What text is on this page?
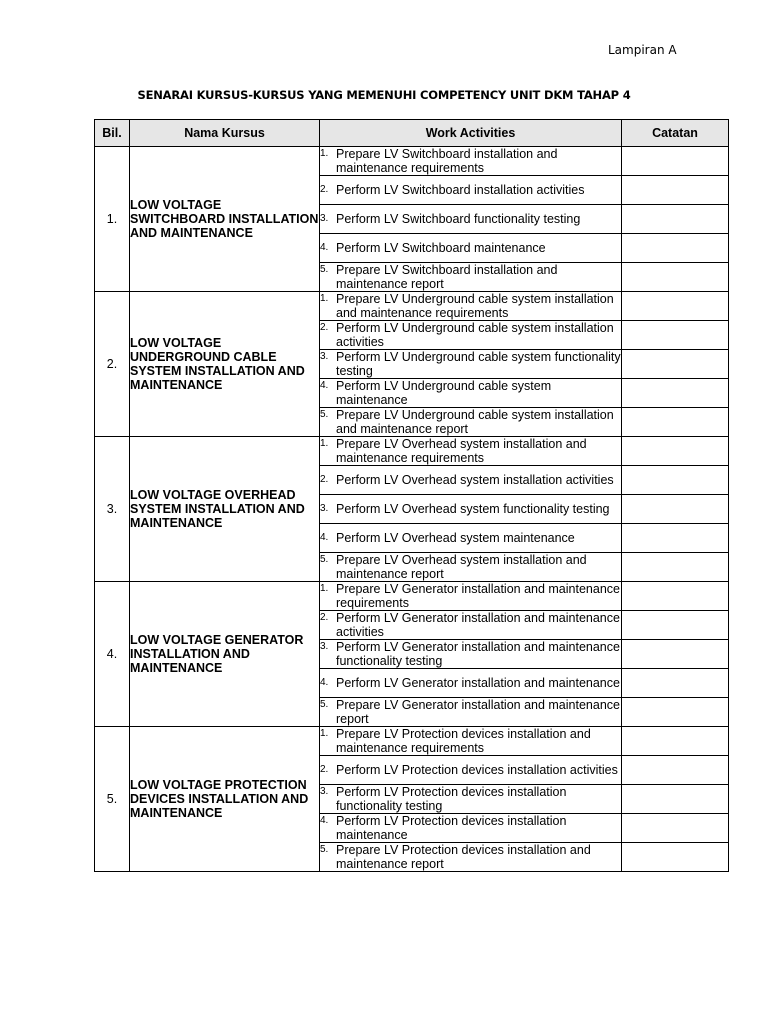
Lampiran A
SENARAI KURSUS-KURSUS YANG MEMENUHI COMPETENCY UNIT DKM TAHAP 4
Bil.	Nama Kursus	Work Activities	Catatan
1.	LOW VOLTAGE SWITCHBOARD INSTALLATION AND MAINTENANCE	1. Prepare LV Switchboard installation and maintenance requirements	

		2. Perform LV Switchboard installation activities	

		3. Perform LV Switchboard functionality testing	

		4. Perform LV Switchboard maintenance	

		5. Prepare LV Switchboard installation and maintenance report	

2.	LOW VOLTAGE UNDERGROUND CABLE SYSTEM INSTALLATION AND MAINTENANCE	1. Prepare LV Underground cable system installation and maintenance requirements	

		2. Perform LV Underground cable system installation activities	

		3. Perform LV Underground cable system functionality testing	

		4. Perform LV Underground cable system maintenance	

		5. Prepare LV Underground cable system installation and maintenance report	

3.	LOW VOLTAGE OVERHEAD SYSTEM INSTALLATION AND MAINTENANCE	1. Prepare LV Overhead system installation and maintenance requirements	

		2. Perform LV Overhead system installation activities	

		3. Perform LV Overhead system functionality testing	

		4. Perform LV Overhead system maintenance	

		5. Prepare LV Overhead system installation and maintenance report	

4.	LOW VOLTAGE GENERATOR INSTALLATION AND MAINTENANCE	1. Prepare LV Generator installation and maintenance requirements	

		2. Perform LV Generator installation and maintenance activities	

		3. Perform LV Generator installation and maintenance functionality testing	

		4. Perform LV Generator installation and maintenance	

		5. Prepare LV Generator installation and maintenance report	

5.	LOW VOLTAGE PROTECTION DEVICES INSTALLATION AND MAINTENANCE	1. Prepare LV Protection devices installation and maintenance requirements	

		2. Perform LV Protection devices installation activities	

		3. Perform LV Protection devices installation functionality testing	

		4. Perform LV Protection devices installation maintenance	

		5. Prepare LV Protection devices installation and maintenance report	
